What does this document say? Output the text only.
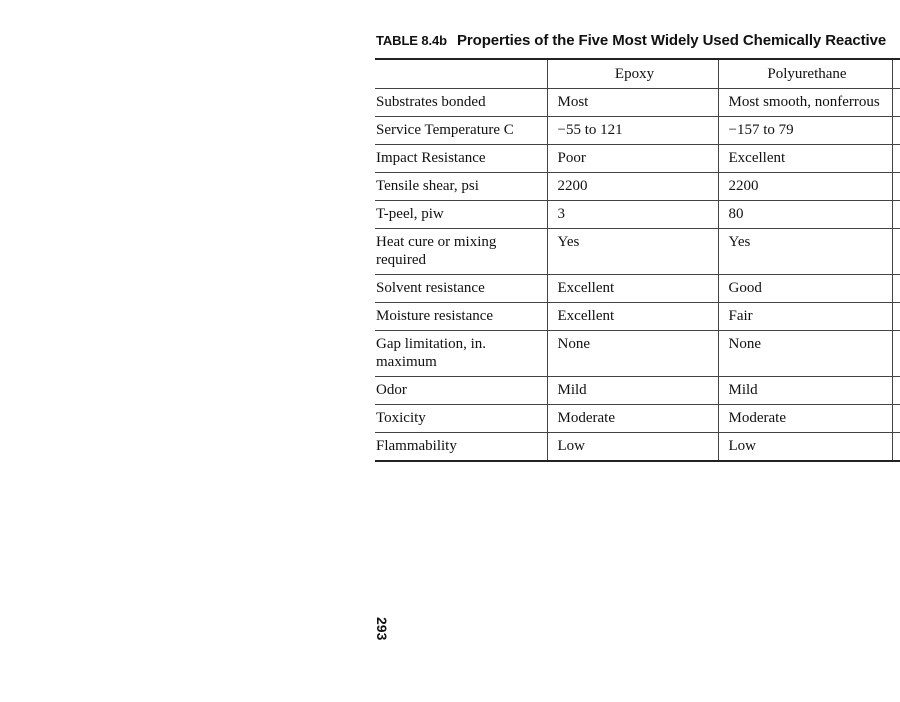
TABLE 8.4b Properties of the Five Most Widely Used Chemically Reactive
	Epoxy	Polyurethane	
Substrates bonded	Most	Most smooth, nonferrous	
Service Temperature C	−55 to 121	−157 to 79	
Impact Resistance	Poor	Excellent	
Tensile shear, psi	2200	2200	
T-peel, piw	3	80	
Heat cure or mixing required	Yes	Yes	
Solvent resistance	Excellent	Good	
Moisture resistance	Excellent	Fair	
Gap limitation, in. maximum	None	None	
Odor	Mild	Mild	
Toxicity	Moderate	Moderate	
Flammability	Low	Low	
293
